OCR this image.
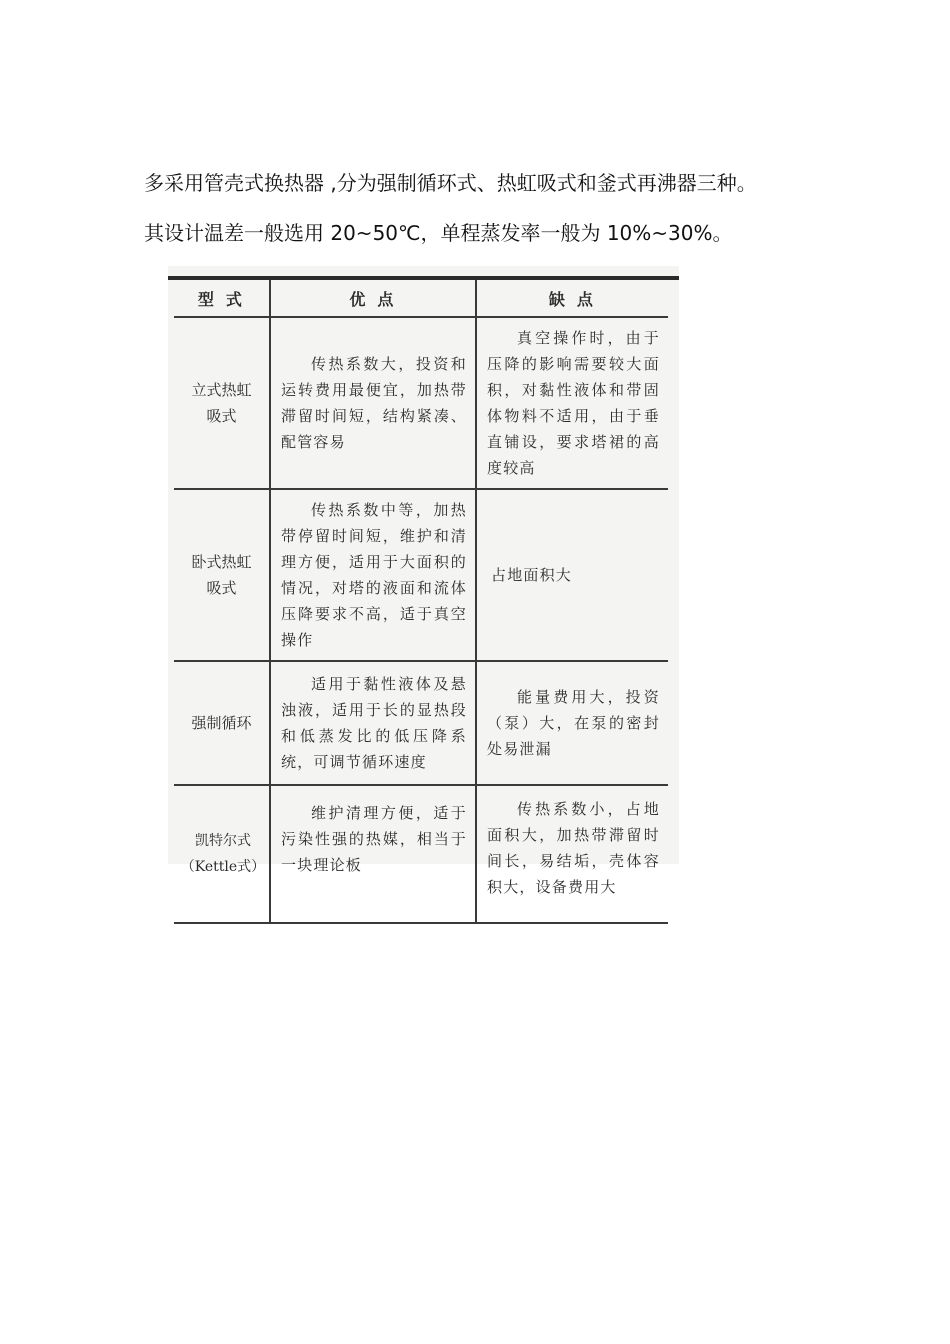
多采用管壳式换热器 ,分为强制循环式、热虹吸式和釜式再沸器三种。
其设计温差一般选用 20~50℃，单程蒸发率一般为 10%~30%。
型 式	优 点	缺 点
立式热虹吸式	传热系数大，投资和运转费用最便宜，加热带滞留时间短，结构紧凑、配管容易	真空操作时，由于压降的影响需要较大面积，对黏性液体和带固体物料不适用，由于垂直铺设，要求塔裙的高度较高
卧式热虹吸式	传热系数中等，加热带停留时间短，维护和清理方便，适用于大面积的情况，对塔的液面和流体压降要求不高，适于真空操作	占地面积大
强制循环	适用于黏性液体及悬浊液，适用于长的显热段和低蒸发比的低压降系统，可调节循环速度	能量费用大，投资（泵）大，在泵的密封处易泄漏
凯特尔式（Kettle式）	维护清理方便，适于污染性强的热媒，相当于一块理论板	传热系数小，占地面积大，加热带滞留时间长，易结垢，壳体容积大，设备费用大
